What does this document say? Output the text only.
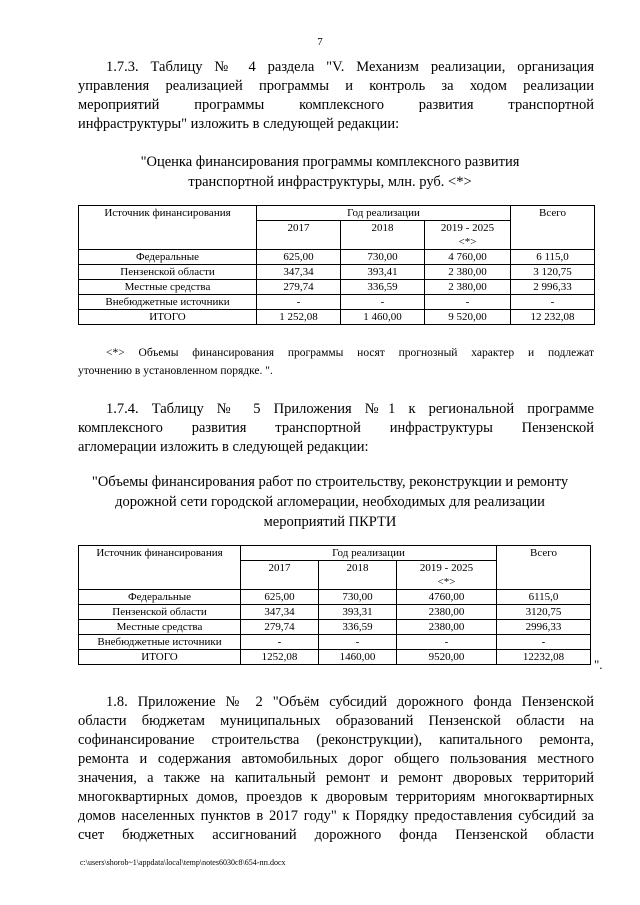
7
1.7.3. Таблицу № 4 раздела "V. Механизм реализации, организация
управления реализацией программы и контроль за ходом реализации
мероприятий программы комплексного развития транспортной
инфраструктуры" изложить в следующей редакции:
"Оценка финансирования программы комплексного развития
транспортной инфраструктуры, млн. руб. <*>
Источник финансирования	Год реализации			Всего
	2017	2018	2019 - 2025
<*>	
Федеральные	625,00	730,00	4 760,00	6 115,0
Пензенской области	347,34	393,41	2 380,00	3 120,75
Местные средства	279,74	336,59	2 380,00	2 996,33
Внебюджетные источники	-	-	-	-
ИТОГО	1 252,08	1 460,00	9 520,00	12 232,08
<*> Объемы финансирования программы носят прогнозный характер и подлежат
уточнению в установленном порядке. ".
1.7.4. Таблицу № 5 Приложения №1 к региональной программе
комплексного развития транспортной инфраструктуры Пензенской
агломерации изложить в следующей редакции:
"Объемы финансирования работ по строительству, реконструкции и ремонту
дорожной сети городской агломерации, необходимых для реализации
мероприятий ПКРТИ
Источник финансирования	Год реализации			Всего
	2017	2018	2019 - 2025
<*>	
Федеральные	625,00	730,00	4760,00	6115,0
Пензенской области	347,34	393,31	2380,00	3120,75
Местные средства	279,74	336,59	2380,00	2996,33
Внебюджетные источники	-	-	-	-
ИТОГО	1252,08	1460,00	9520,00	12232,08 ".
1.8. Приложение № 2 "Объём субсидий дорожного фонда Пензенской
области бюджетам муниципальных образований Пензенской области на
софинансирование строительства (реконструкции), капитального ремонта,
ремонта и содержания автомобильных дорог общего пользования местного
значения, а также на капитальный ремонт и ремонт дворовых территорий
многоквартирных домов, проездов к дворовым территориям многоквартирных
домов населенных пунктов в 2017 году" к Порядку предоставления субсидий за
счет бюджетных ассигнований дорожного фонда Пензенской области
c:\users\shorob~1\appdata\local\temp\notes6030c8\654-пп.docx
